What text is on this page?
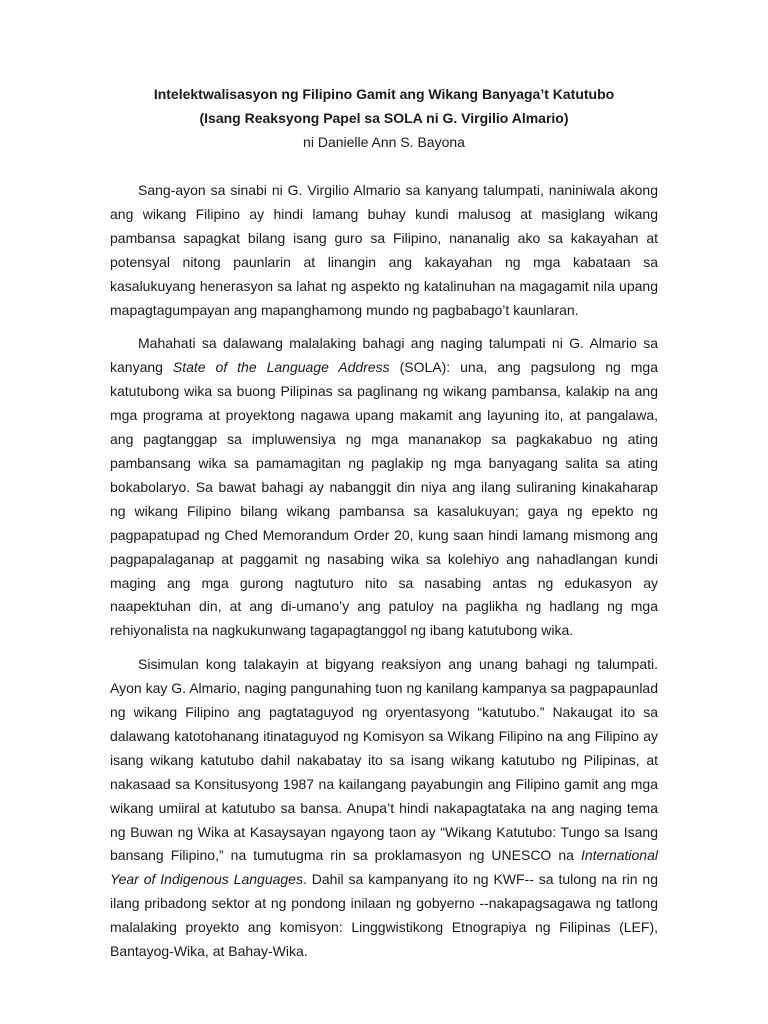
Intelektwalisasyon ng Filipino Gamit ang Wikang Banyaga’t Katutubo
(Isang Reaksyong Papel sa SOLA ni G. Virgilio Almario)
ni Danielle Ann S. Bayona

Sang-ayon sa sinabi ni G. Virgilio Almario sa kanyang talumpati, naniniwala akong ang wikang Filipino ay hindi lamang buhay kundi malusog at masiglang wikang pambansa sapagkat bilang isang guro sa Filipino, nananalig ako sa kakayahan at potensyal nitong paunlarin at linangin ang kakayahan ng mga kabataan sa kasalukuyang henerasyon sa lahat ng aspekto ng katalinuhan na magagamit nila upang mapagtagumpayan ang mapanghamong mundo ng pagbabago’t kaunlaran.

Mahahati sa dalawang malalaking bahagi ang naging talumpati ni G. Almario sa kanyang State of the Language Address (SOLA): una, ang pagsulong ng mga katutubong wika sa buong Pilipinas sa paglinang ng wikang pambansa, kalakip na ang mga programa at proyektong nagawa upang makamit ang layuning ito, at pangalawa, ang pagtanggap sa impluwensiya ng mga mananakop sa pagkakabuo ng ating pambansang wika sa pamamagitan ng paglakip ng mga banyagang salita sa ating bokabolaryo. Sa bawat bahagi ay nabanggit din niya ang ilang suliraning kinakaharap ng wikang Filipino bilang wikang pambansa sa kasalukuyan; gaya ng epekto ng pagpapatupad ng Ched Memorandum Order 20, kung saan hindi lamang mismong ang pagpapalaganap at paggamit ng nasabing wika sa kolehiyo ang nahadlangan kundi maging ang mga gurong nagtuturo nito sa nasabing antas ng edukasyon ay naapektuhan din, at ang di-umano’y ang patuloy na paglikha ng hadlang ng mga rehiyonalista na nagkukunwang tagapagtanggol ng ibang katutubong wika.

Sisimulan kong talakayin at bigyang reaksiyon ang unang bahagi ng talumpati. Ayon kay G. Almario, naging pangunahing tuon ng kanilang kampanya sa pagpapaunlad ng wikang Filipino ang pagtataguyod ng oryentasyong “katutubo.” Nakaugat ito sa dalawang katotohanang itinataguyod ng Komisyon sa Wikang Filipino na ang Filipino ay isang wikang katutubo dahil nakabatay ito sa isang wikang katutubo ng Pilipinas, at nakasaad sa Konsitusyong 1987 na kailangang payabungin ang Filipino gamit ang mga wikang umiiral at katutubo sa bansa. Anupa’t hindi nakapagtataka na ang naging tema ng Buwan ng Wika at Kasaysayan ngayong taon ay “Wikang Katutubo: Tungo sa Isang bansang Filipino,” na tumutugma rin sa proklamasyon ng UNESCO na International Year of Indigenous Languages. Dahil sa kampanyang ito ng KWF-- sa tulong na rin ng ilang pribadong sektor at ng pondong inilaan ng gobyerno --nakapagsagawa ng tatlong malalaking proyekto ang komisyon: Linggwistikong Etnograpiya ng Filipinas (LEF), Bantayog-Wika, at Bahay-Wika.
